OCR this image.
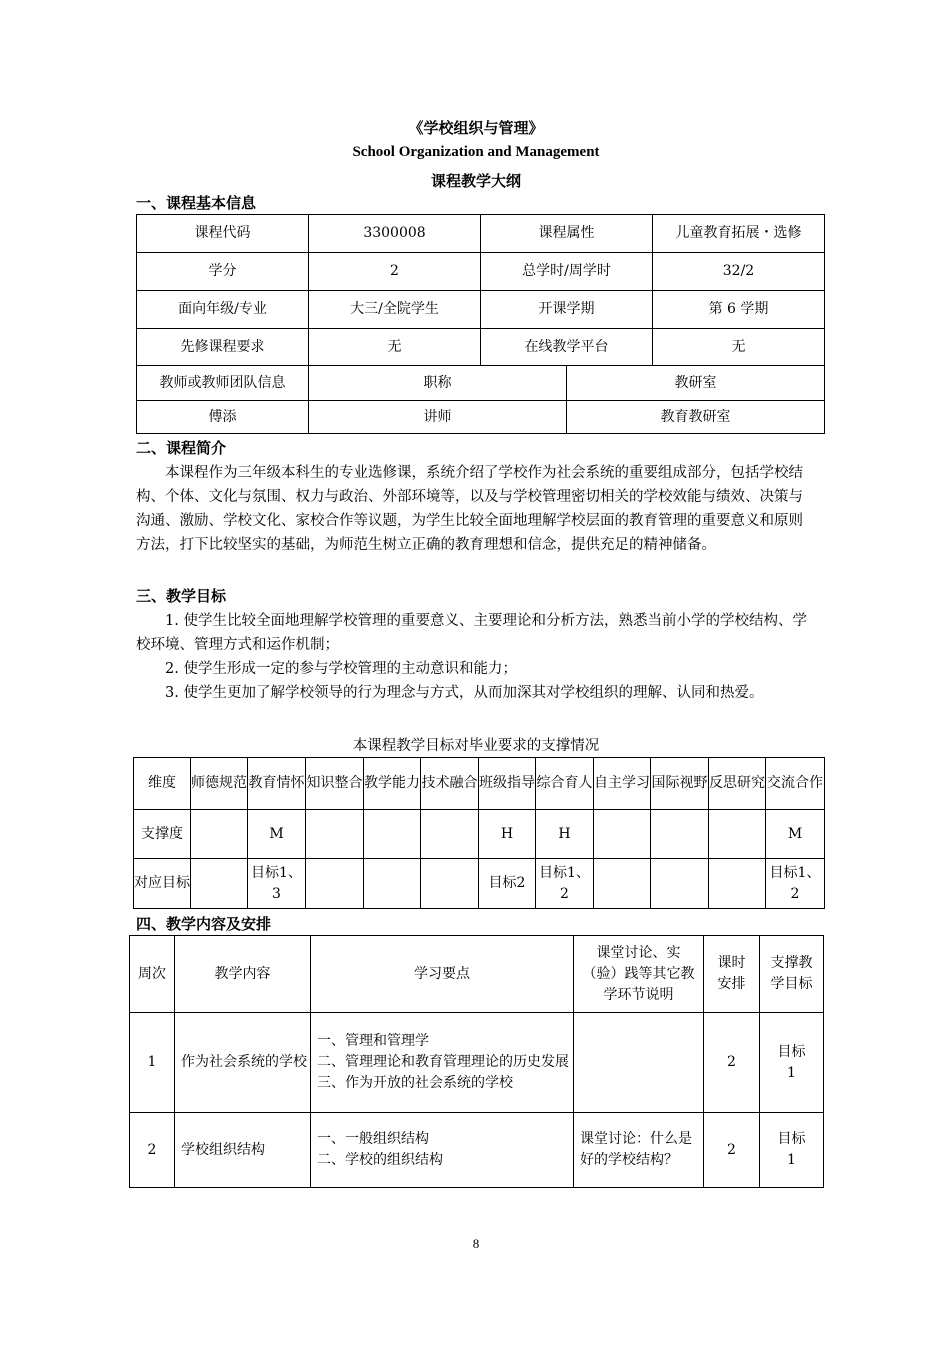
《学校组织与管理》
School Organization and Management
课程教学大纲
一、课程基本信息
课程代码	3300008	课程属性		儿童教育拓展・选修
学分	2	总学时/周学时		32/2
面向年级/专业	大三/全院学生	开课学期		第 6 学期
先修课程要求	无	在线教学平台		无
教师或教师团队信息	职称		教研室	
傅添	讲师		教育教研室	
二、课程简介

本课程作为三年级本科生的专业选修课，系统介绍了学校作为社会系统的重要组成部分，包括学校结构、个体、文化与氛围、权力与政治、外部环境等，以及与学校管理密切相关的学校效能与绩效、决策与沟通、激励、学校文化、家校合作等议题，为学生比较全面地理解学校层面的教育管理的重要意义和原则方法，打下比较坚实的基础，为师范生树立正确的教育理想和信念，提供充足的精神储备。

三、教学目标

1. 使学生比较全面地理解学校管理的重要意义、主要理论和分析方法，熟悉当前小学的学校结构、学校环境、管理方式和运作机制；

2. 使学生形成一定的参与学校管理的主动意识和能力；

3. 使学生更加了解学校领导的行为理念与方式，从而加深其对学校组织的理解、认同和热爱。

本课程教学目标对毕业要求的支撑情况
维度	师德规范	教育情怀	知识整合	教学能力	技术融合	班级指导	综合育人	自主学习	国际视野	反思研究	交流合作
支撑度		M				H	H				M
对应目标		目标1、3				目标2	目标1、2				目标1、2
四、教学内容及安排
周次	教学内容	学习要点	课堂讨论、实（验）践等其它教学环节说明	课时安排	支撑教学目标
1	作为社会系统的学校	一、管理和管理学
二、管理理论和教育管理理论的历史发展
三、作为开放的社会系统的学校		2	目标1
2	学校组织结构	一、一般组织结构
二、学校的组织结构	课堂讨论：什么是好的学校结构？	2	目标1
8
